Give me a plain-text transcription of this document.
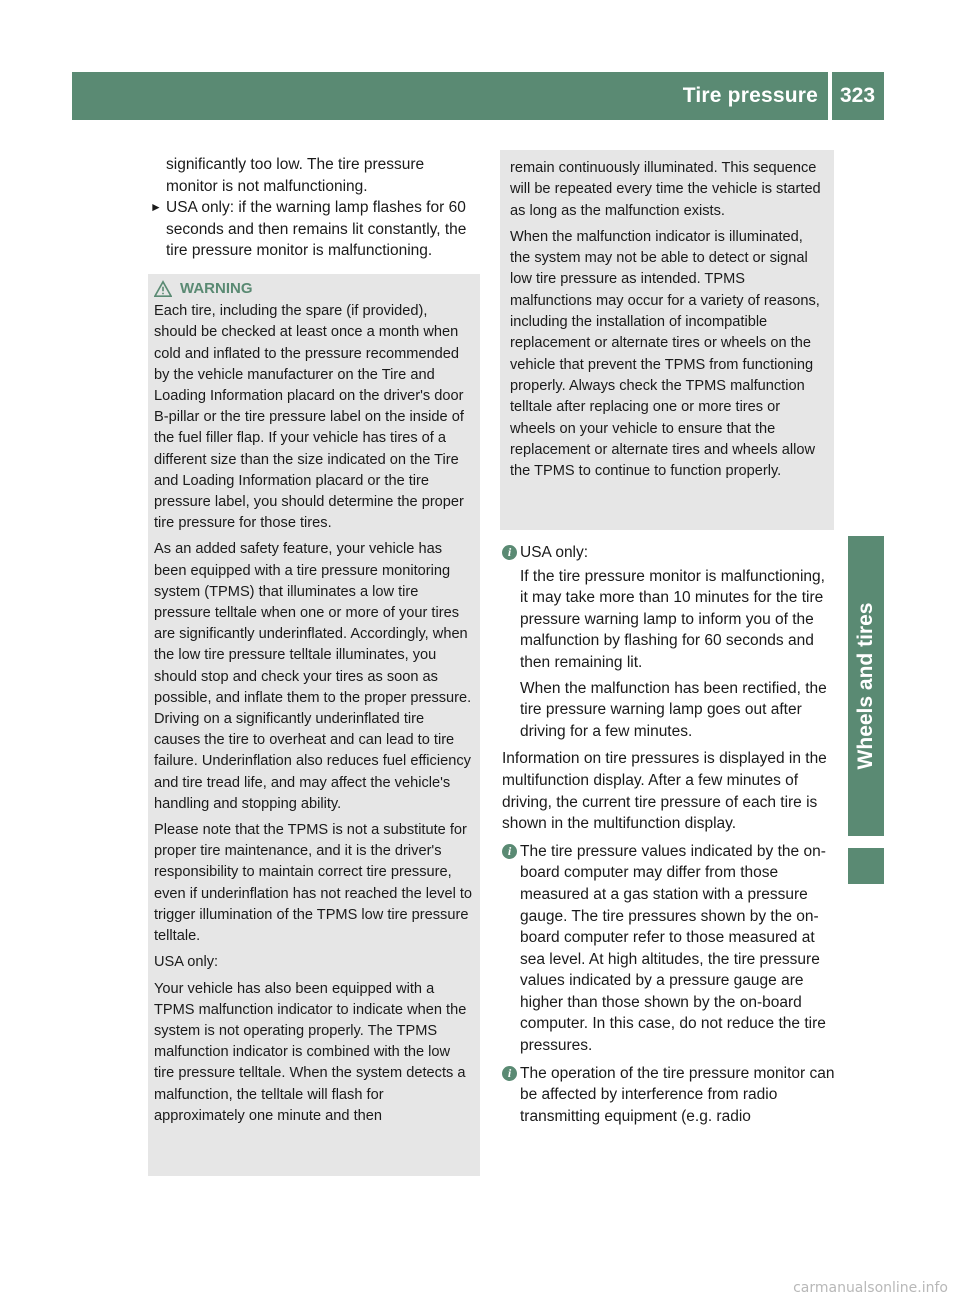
Tire pressure 323
Wheels and tires

significantly too low. The tire pressure monitor is not malfunctioning.

► USA only: if the warning lamp flashes for 60 seconds and then remains lit constantly, the tire pressure monitor is malfunctioning.

WARNING

Each tire, including the spare (if provided), should be checked at least once a month when cold and inflated to the pressure recommended by the vehicle manufacturer on the Tire and Loading Information placard on the driver's door B-pillar or the tire pressure label on the inside of the fuel filler flap. If your vehicle has tires of a different size than the size indicated on the Tire and Loading Information placard or the tire pressure label, you should determine the proper tire pressure for those tires.

As an added safety feature, your vehicle has been equipped with a tire pressure monitoring system (TPMS) that illuminates a low tire pressure telltale when one or more of your tires are significantly underinflated. Accordingly, when the low tire pressure telltale illuminates, you should stop and check your tires as soon as possible, and inflate them to the proper pressure. Driving on a significantly underinflated tire causes the tire to overheat and can lead to tire failure. Underinflation also reduces fuel efficiency and tire tread life, and may affect the vehicle's handling and stopping ability.

Please note that the TPMS is not a substitute for proper tire maintenance, and it is the driver's responsibility to maintain correct tire pressure, even if underinflation has not reached the level to trigger illumination of the TPMS low tire pressure telltale.

USA only:

Your vehicle has also been equipped with a TPMS malfunction indicator to indicate when the system is not operating properly. The TPMS malfunction indicator is combined with the low tire pressure telltale. When the system detects a malfunction, the telltale will flash for approximately one minute and then

remain continuously illuminated. This sequence will be repeated every time the vehicle is started as long as the malfunction exists.

When the malfunction indicator is illuminated, the system may not be able to detect or signal low tire pressure as intended. TPMS malfunctions may occur for a variety of reasons, including the installation of incompatible replacement or alternate tires or wheels on the vehicle that prevent the TPMS from functioning properly. Always check the TPMS malfunction telltale after replacing one or more tires or wheels on your vehicle to ensure that the replacement or alternate tires and wheels allow the TPMS to continue to function properly.

i USA only:

If the tire pressure monitor is malfunctioning, it may take more than 10 minutes for the tire pressure warning lamp to inform you of the malfunction by flashing for 60 seconds and then remaining lit.

When the malfunction has been rectified, the tire pressure warning lamp goes out after driving for a few minutes.

Information on tire pressures is displayed in the multifunction display. After a few minutes of driving, the current tire pressure of each tire is shown in the multifunction display.

i The tire pressure values indicated by the on-board computer may differ from those measured at a gas station with a pressure gauge. The tire pressures shown by the on-board computer refer to those measured at sea level. At high altitudes, the tire pressure values indicated by a pressure gauge are higher than those shown by the on-board computer. In this case, do not reduce the tire pressures.
i The operation of the tire pressure monitor can be affected by interference from radio transmitting equipment (e.g. radio
carmanualsonline.info
